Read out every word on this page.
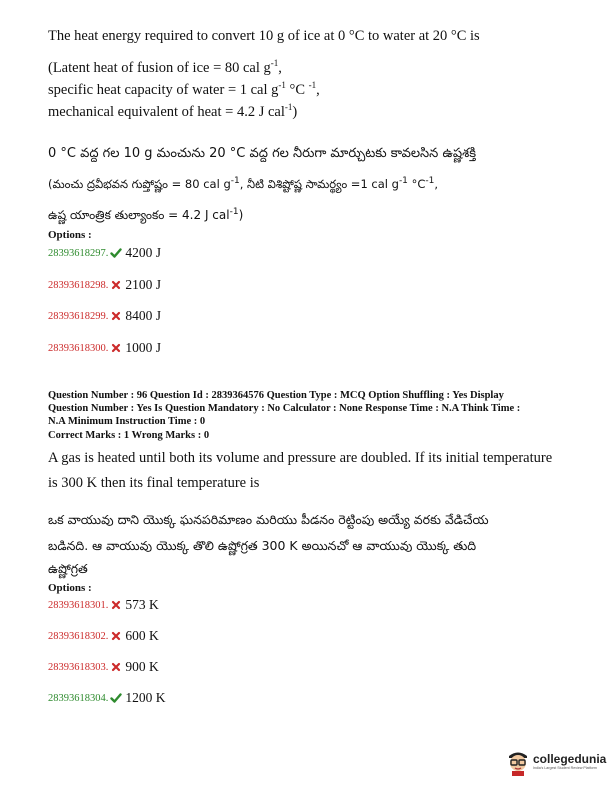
The heat energy required to convert 10 g of ice at 0 °C to water at 20 °C is
(Latent heat of fusion of ice = 80 cal $g^{-1}$,
specific heat capacity of water = 1 cal $g^{-1}$ °C $^{-1}$,
mechanical equivalent of heat = 4.2 J cal$^{-1}$)
0 °C వద్ద గల 10 g మంచును 20 °C వద్ద గల నీరుగా మార్చుటకు కావలసిన ఉష్ణశక్తి
(మంచు ద్రవీభవన గుప్తోష్ణం = 80 cal $g^{-1}$, నీటి విశిష్టోష్ణ సామర్థ్యం =1 cal $g^{-1}$ $^\circ C^{-1}$,
ఉష్ణ యాంత్రిక తుల్యాంకం = 4.2 J cal$^{-1}$)
Options :
28393618297. 4200 J
28393618298. 2100 J
28393618299. 8400 J
28393618300. 1000 J
Question Number : 96 Question Id : 2839364576 Question Type : MCQ Option Shuffling : Yes Display
Question Number : Yes Is Question Mandatory : No Calculator : None Response Time : N.A Think Time :
N.A Minimum Instruction Time : 0
Correct Marks : 1 Wrong Marks : 0
A gas is heated until both its volume and pressure are doubled. If its initial temperature
is 300 K then its final temperature is
ఒక వాయువు దాని యొక్క ఘనపరిమాణం మరియు పీడనం రెట్టింపు అయ్యే వరకు వేడిచేయ
బడినది. ఆ వాయువు యొక్క తొలి ఉష్ణోగ్రత 300 K అయినచో ఆ వాయువు యొక్క తుది
ఉష్ణోగ్రత
Options :
28393618301. 573 K
28393618302. 600 K
28393618303. 900 K
28393618304. 1200 K
collegedunia
India's Largest Student Review Platform
